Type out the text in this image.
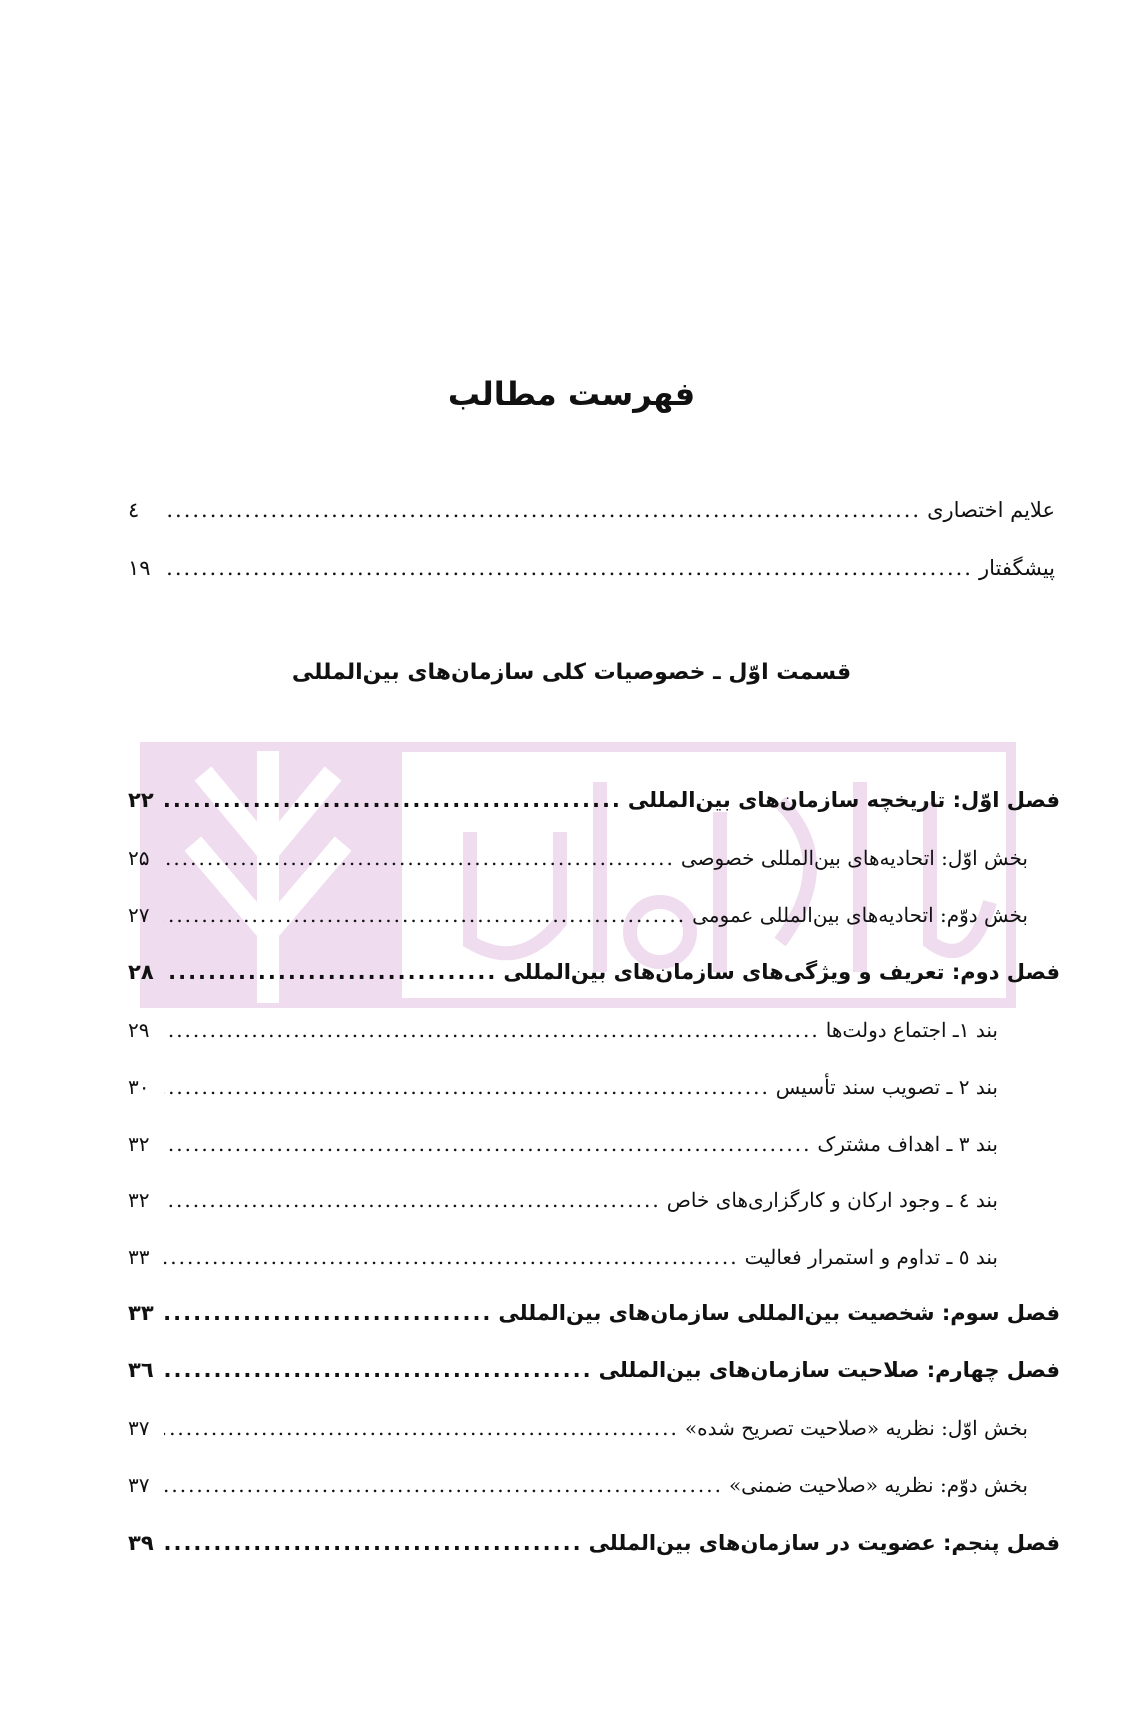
فهرست مطالب
علایم اختصاری
.....
٤
پیشگفتار
.....
۱۹
قسمت اوّل ـ خصوصیات کلی سازمان‌های بین‌المللی
فصل اوّل: تاریخچه سازمان‌های بین‌المللی
.....
۲۲
بخش اوّل: اتحادیه‌های بین‌المللی خصوصی
.....
۲۵
بخش دوّم: اتحادیه‌های بین‌المللی عمومی
.....
۲۷
فصل دوم: تعریف و ویژگی‌های سازمان‌های بین‌المللی
.....
۲۸
بند ۱ـ اجتماع دولت‌ها
.....
۲۹
بند ۲ ـ تصویب سند تأسیس
.....
۳۰
بند ۳ ـ اهداف مشترک
.....
۳۲
بند ٤ ـ وجود ارکان و کارگزاری‌های خاص
.....
۳۲
بند ٥ ـ تداوم و استمرار فعالیت
.....
۳۳
فصل سوم: شخصیت بین‌المللی سازمان‌های بین‌المللی
.....
۳۳
فصل چهارم: صلاحیت سازمان‌های بین‌المللی
.....
۳٦
بخش اوّل: نظریه «صلاحیت تصریح شده»
.....
۳۷
بخش دوّم: نظریه «صلاحیت ضمنی»
.....
۳۷
فصل پنجم: عضویت در سازمان‌های بین‌المللی
.....
۳۹
